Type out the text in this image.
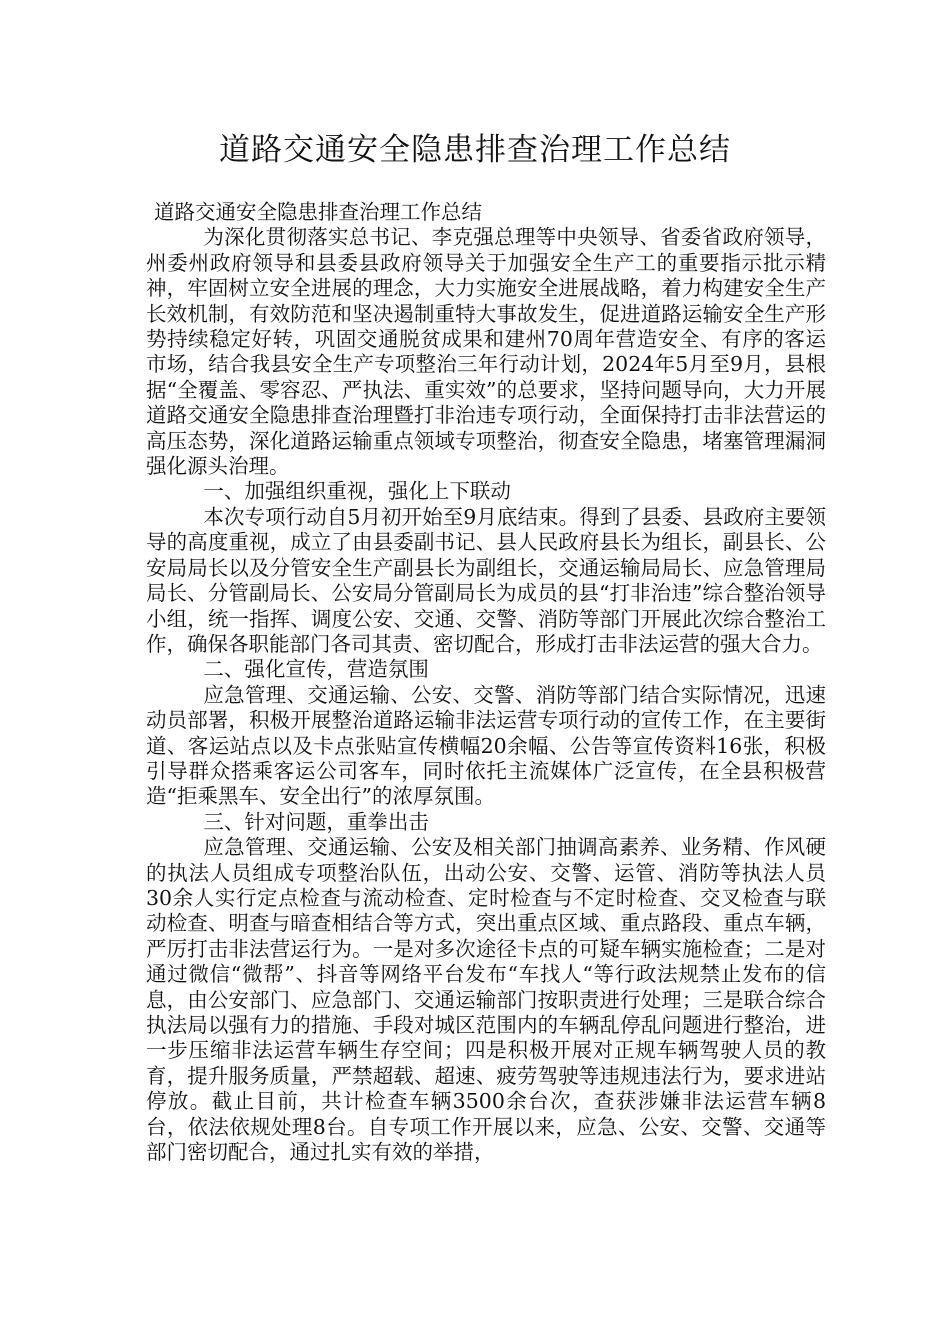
道路交通安全隐患排查治理工作总结

道路交通安全隐患排查治理工作总结

为深化贯彻落实总书记、李克强总理等中央领导、省委省政府领导，州委州政府领导和县委县政府领导关于加强安全生产工的重要指示批示精神，牢固树立安全进展的理念，大力实施安全进展战略，着力构建安全生产长效机制，有效防范和坚决遏制重特大事故发生，促进道路运输安全生产形势持续稳定好转，巩固交通脱贫成果和建州70周年营造安全、有序的客运市场，结合我县安全生产专项整治三年行动计划，2024年5月至9月，县根据“全覆盖、零容忍、严执法、重实效”的总要求，坚持问题导向，大力开展道路交通安全隐患排查治理暨打非治违专项行动，全面保持打击非法营运的高压态势，深化道路运输重点领域专项整治，彻查安全隐患，堵塞管理漏洞强化源头治理。

一、加强组织重视，强化上下联动

本次专项行动自5月初开始至9月底结束。得到了县委、县政府主要领导的高度重视，成立了由县委副书记、县人民政府县长为组长，副县长、公安局局长以及分管安全生产副县长为副组长，交通运输局局长、应急管理局局长、分管副局长、公安局分管副局长为成员的县“打非治违”综合整治领导小组，统一指挥、调度公安、交通、交警、消防等部门开展此次综合整治工作，确保各职能部门各司其责、密切配合，形成打击非法运营的强大合力。

二、强化宣传，营造氛围

应急管理、交通运输、公安、交警、消防等部门结合实际情况，迅速动员部署，积极开展整治道路运输非法运营专项行动的宣传工作，在主要街道、客运站点以及卡点张贴宣传横幅20余幅、公告等宣传资料16张，积极引导群众搭乘客运公司客车，同时依托主流媒体广泛宣传，在全县积极营造“拒乘黑车、安全出行”的浓厚氛围。

三、针对问题，重拳出击

应急管理、交通运输、公安及相关部门抽调高素养、业务精、作风硬的执法人员组成专项整治队伍，出动公安、交警、运管、消防等执法人员30余人实行定点检查与流动检查、定时检查与不定时检查、交叉检查与联动检查、明查与暗查相结合等方式，突出重点区域、重点路段、重点车辆，严厉打击非法营运行为。一是对多次途径卡点的可疑车辆实施检查；二是对通过微信“微帮”、抖音等网络平台发布“车找人“等行政法规禁止发布的信息，由公安部门、应急部门、交通运输部门按职责进行处理；三是联合综合执法局以强有力的措施、手段对城区范围内的车辆乱停乱问题进行整治，进一步压缩非法运营车辆生存空间；四是积极开展对正规车辆驾驶人员的教育，提升服务质量，严禁超载、超速、疲劳驾驶等违规违法行为，要求进站停放。截止目前，共计检查车辆3500余台次，查获涉嫌非法运营车辆8台，依法依规处理8台。自专项工作开展以来，应急、公安、交警、交通等部门密切配合，通过扎实有效的举措，
